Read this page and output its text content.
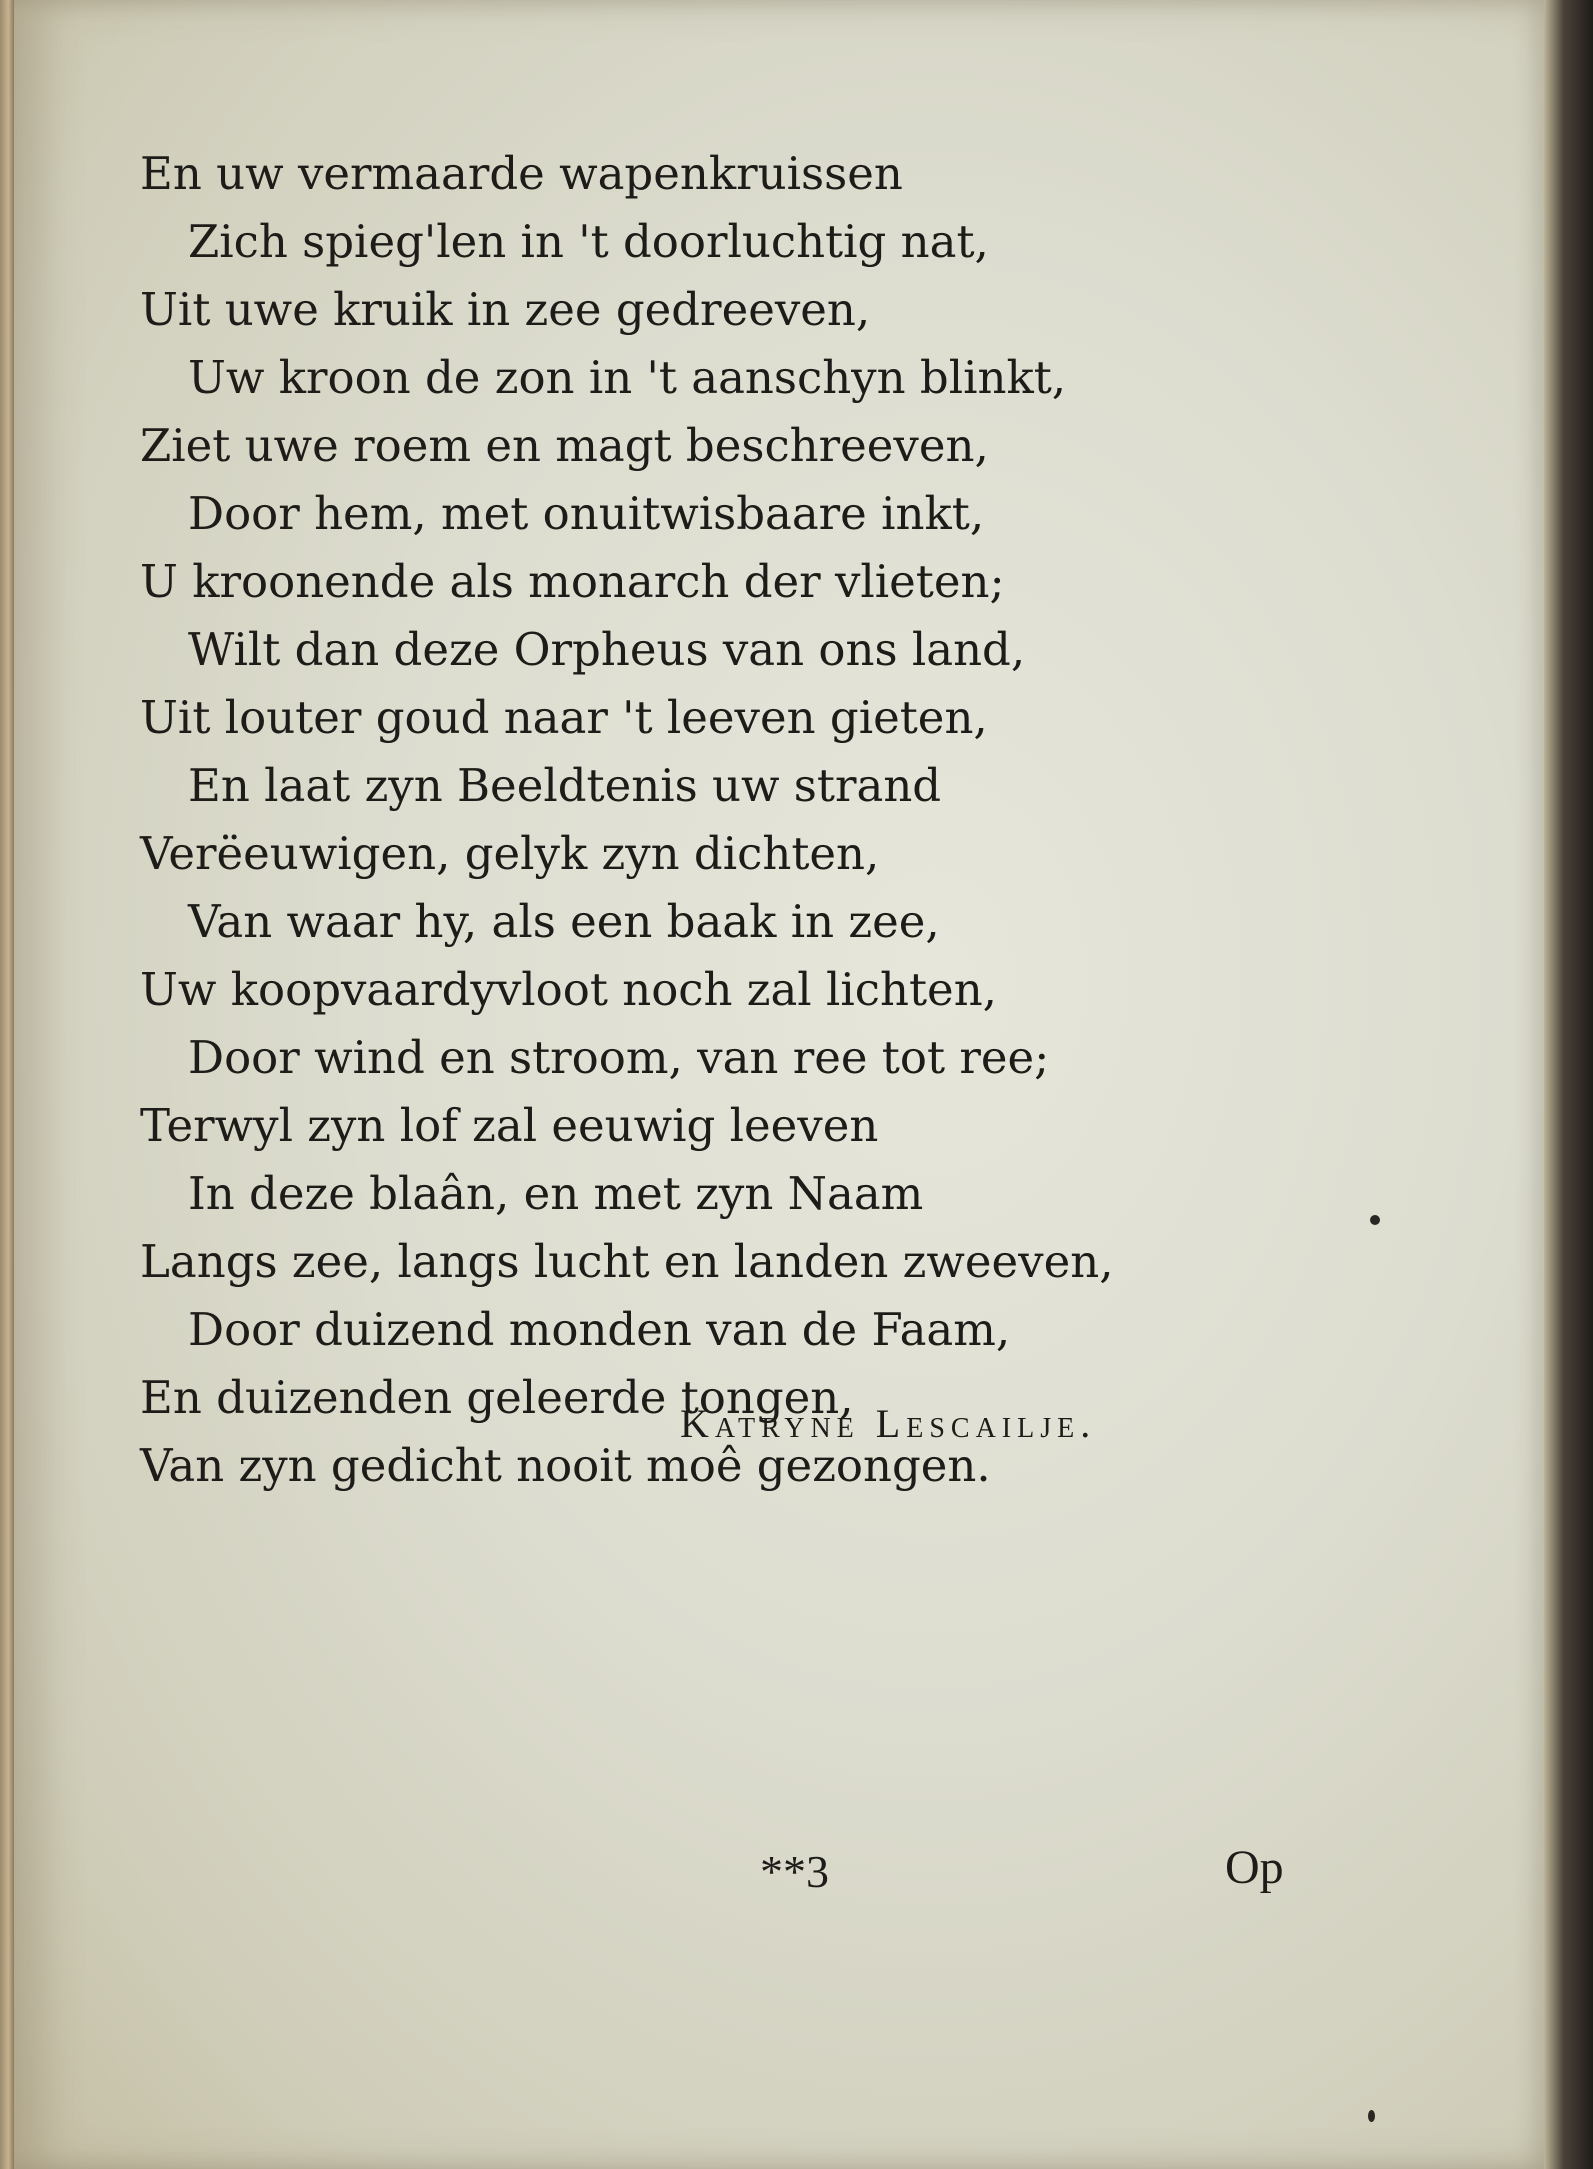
En uw vermaarde wapenkruissen
Zich spieg'len in 't doorluchtig nat,
Uit uwe kruik in zee gedreeven,
Uw kroon de zon in 't aanschyn blinkt,
Ziet uwe roem en magt beschreeven,
Door hem, met onuitwisbaare inkt,
U kroonende als monarch der vlieten;
Wilt dan deze Orpheus van ons land,
Uit louter goud naar 't leeven gieten,
En laat zyn Beeldtenis uw strand
Verëeuwigen, gelyk zyn dichten,
Van waar hy, als een baak in zee,
Uw koopvaardyvloot noch zal lichten,
Door wind en stroom, van ree tot ree;
Terwyl zyn lof zal eeuwig leeven
In deze blaân, en met zyn Naam
Langs zee, langs lucht en landen zweeven,
Door duizend monden van de Faam,
En duizenden geleerde tongen,
Van zyn gedicht nooit moê gezongen.
Katryne Lescailje.
**3	Op
